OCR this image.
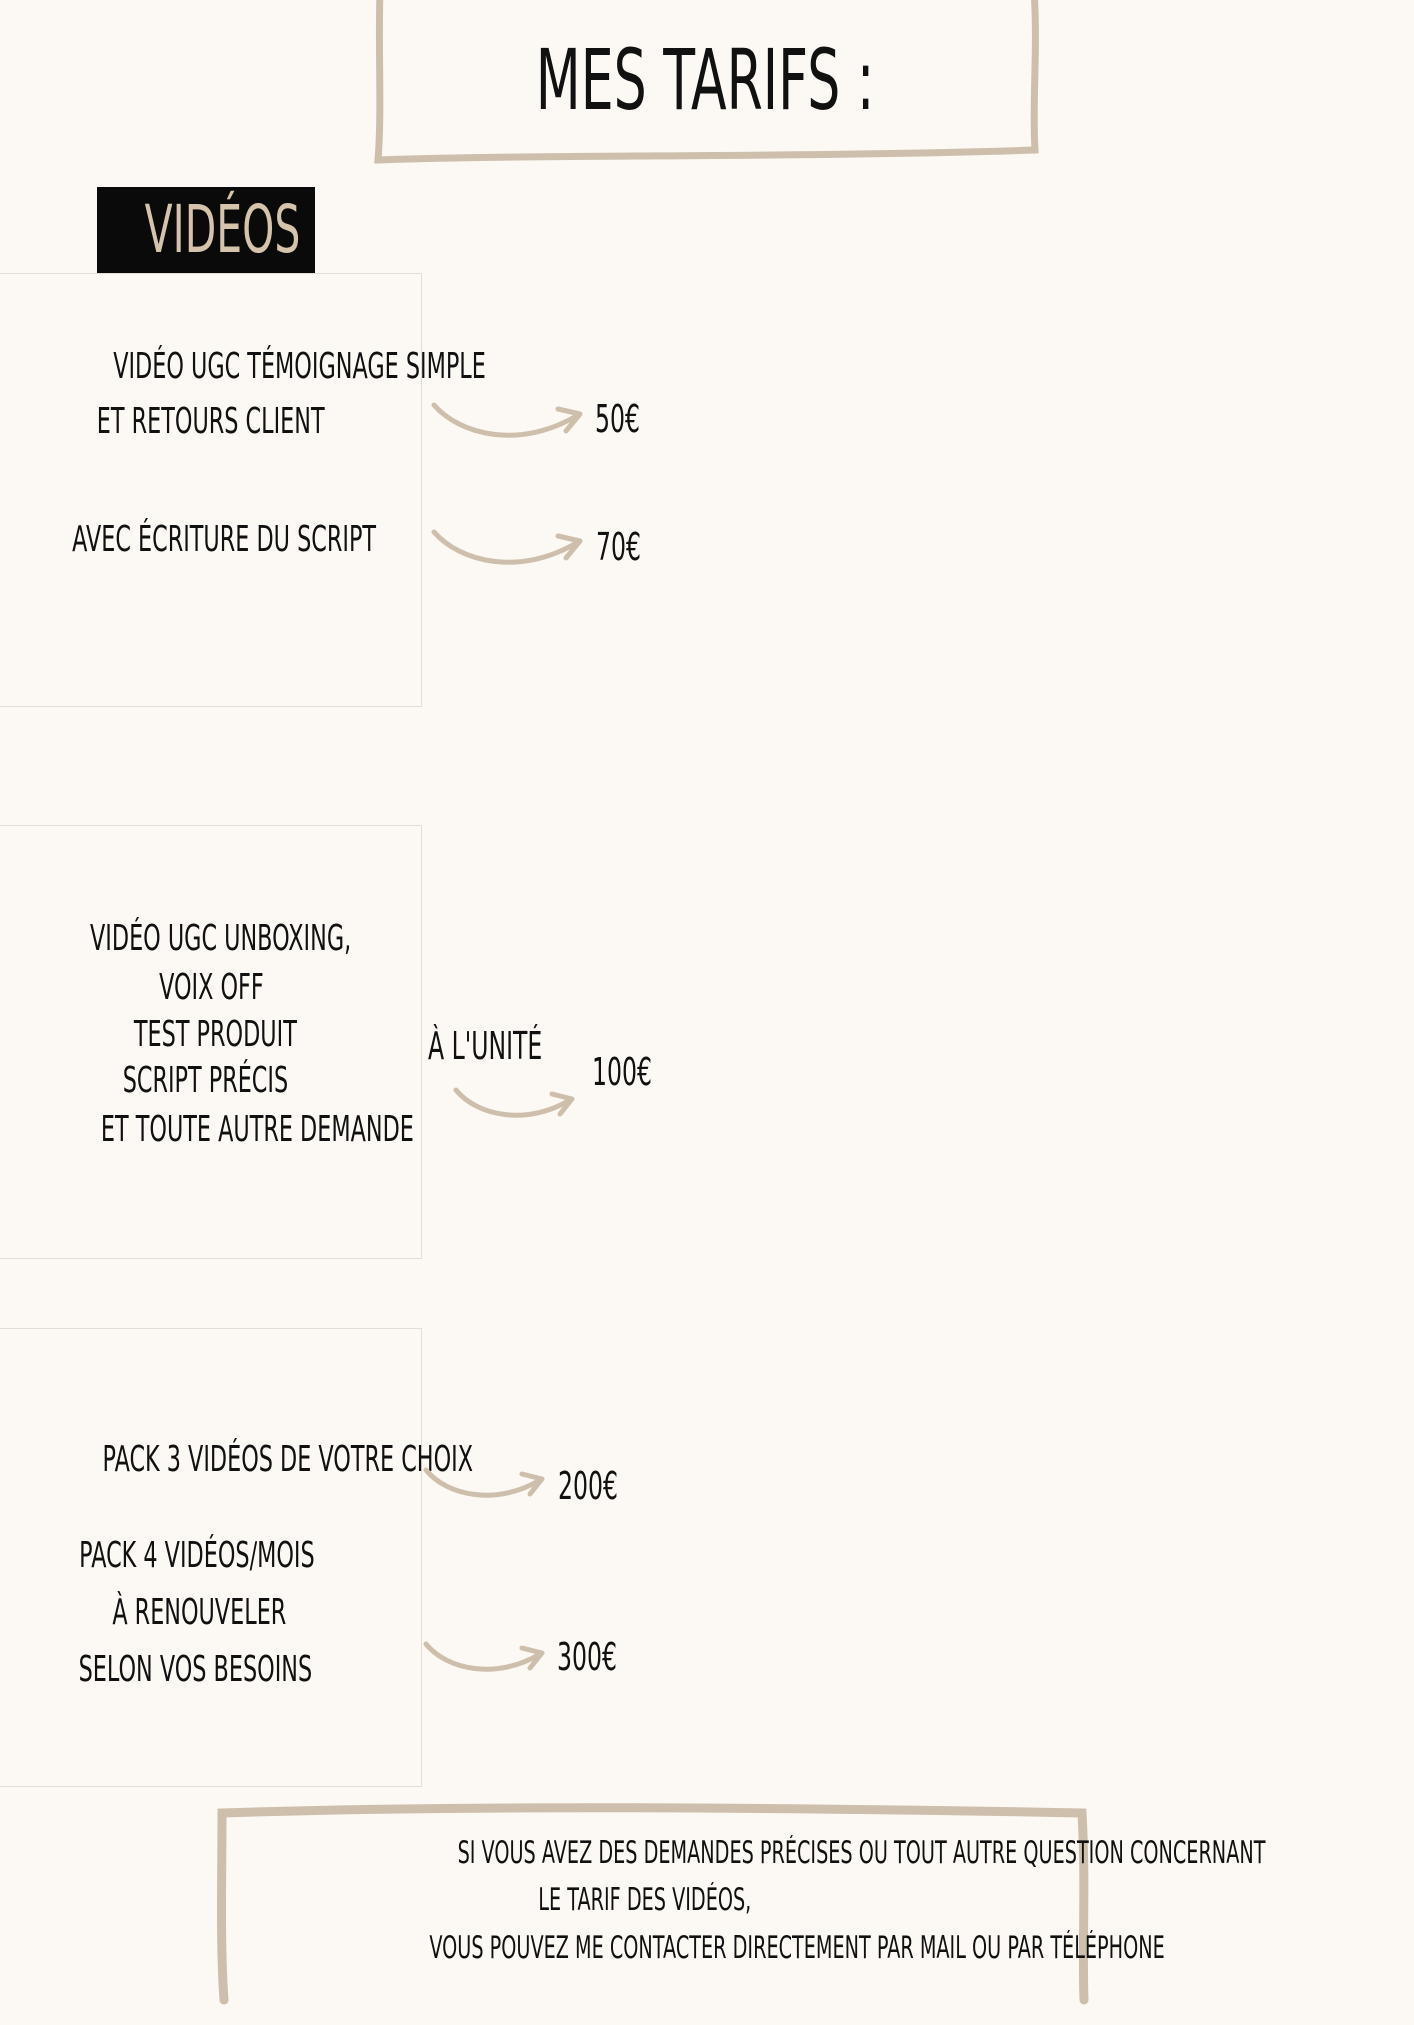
MES TARIFS :
VIDÉOS
VIDÉO UGC TÉMOIGNAGE SIMPLE
ET RETOURS CLIENT
AVEC ÉCRITURE DU SCRIPT
50€
70€
VIDÉO UGC UNBOXING,
VOIX OFF
TEST PRODUIT
SCRIPT PRÉCIS
ET TOUTE AUTRE DEMANDE
À L'UNITÉ
100€
PACK 3 VIDÉOS DE VOTRE CHOIX
PACK 4 VIDÉOS/MOIS
À RENOUVELER
SELON VOS BESOINS
200€
300€
SI VOUS AVEZ DES DEMANDES PRÉCISES OU TOUT AUTRE QUESTION CONCERNANT
LE TARIF DES VIDÉOS,
VOUS POUVEZ ME CONTACTER DIRECTEMENT PAR MAIL OU PAR TÉLÉPHONE
